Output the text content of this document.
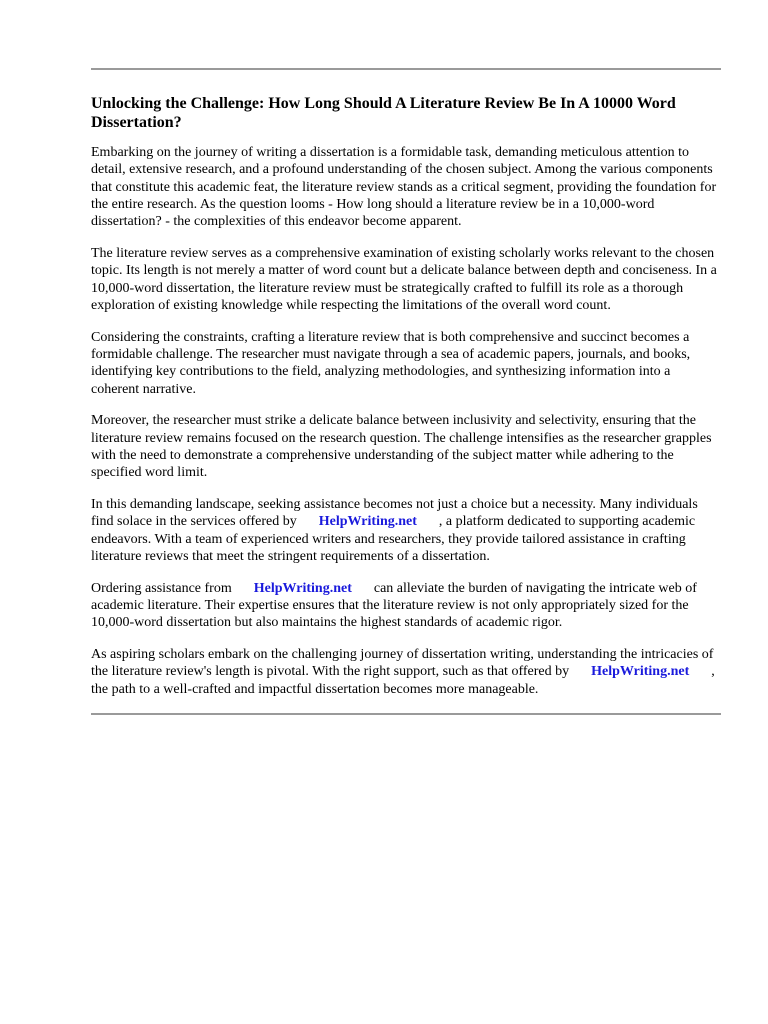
Unlocking the Challenge: How Long Should A Literature Review Be In A 10000 Word Dissertation?

Embarking on the journey of writing a dissertation is a formidable task, demanding meticulous attention to detail, extensive research, and a profound understanding of the chosen subject. Among the various components that constitute this academic feat, the literature review stands as a critical segment, providing the foundation for the entire research. As the question looms - How long should a literature review be in a 10,000-word dissertation? - the complexities of this endeavor become apparent.

The literature review serves as a comprehensive examination of existing scholarly works relevant to the chosen topic. Its length is not merely a matter of word count but a delicate balance between depth and conciseness. In a 10,000-word dissertation, the literature review must be strategically crafted to fulfill its role as a thorough exploration of existing knowledge while respecting the limitations of the overall word count.

Considering the constraints, crafting a literature review that is both comprehensive and succinct becomes a formidable challenge. The researcher must navigate through a sea of academic papers, journals, and books, identifying key contributions to the field, analyzing methodologies, and synthesizing information into a coherent narrative.

Moreover, the researcher must strike a delicate balance between inclusivity and selectivity, ensuring that the literature review remains focused on the research question. The challenge intensifies as the researcher grapples with the need to demonstrate a comprehensive understanding of the subject matter while adhering to the specified word limit.

In this demanding landscape, seeking assistance becomes not just a choice but a necessity. Many individuals find solace in the services offered by HelpWriting.net , a platform dedicated to supporting academic endeavors. With a team of experienced writers and researchers, they provide tailored assistance in crafting literature reviews that meet the stringent requirements of a dissertation.

Ordering assistance from HelpWriting.net can alleviate the burden of navigating the intricate web of academic literature. Their expertise ensures that the literature review is not only appropriately sized for the 10,000-word dissertation but also maintains the highest standards of academic rigor.

As aspiring scholars embark on the challenging journey of dissertation writing, understanding the intricacies of the literature review's length is pivotal. With the right support, such as that offered by HelpWriting.net , the path to a well-crafted and impactful dissertation becomes more manageable.
